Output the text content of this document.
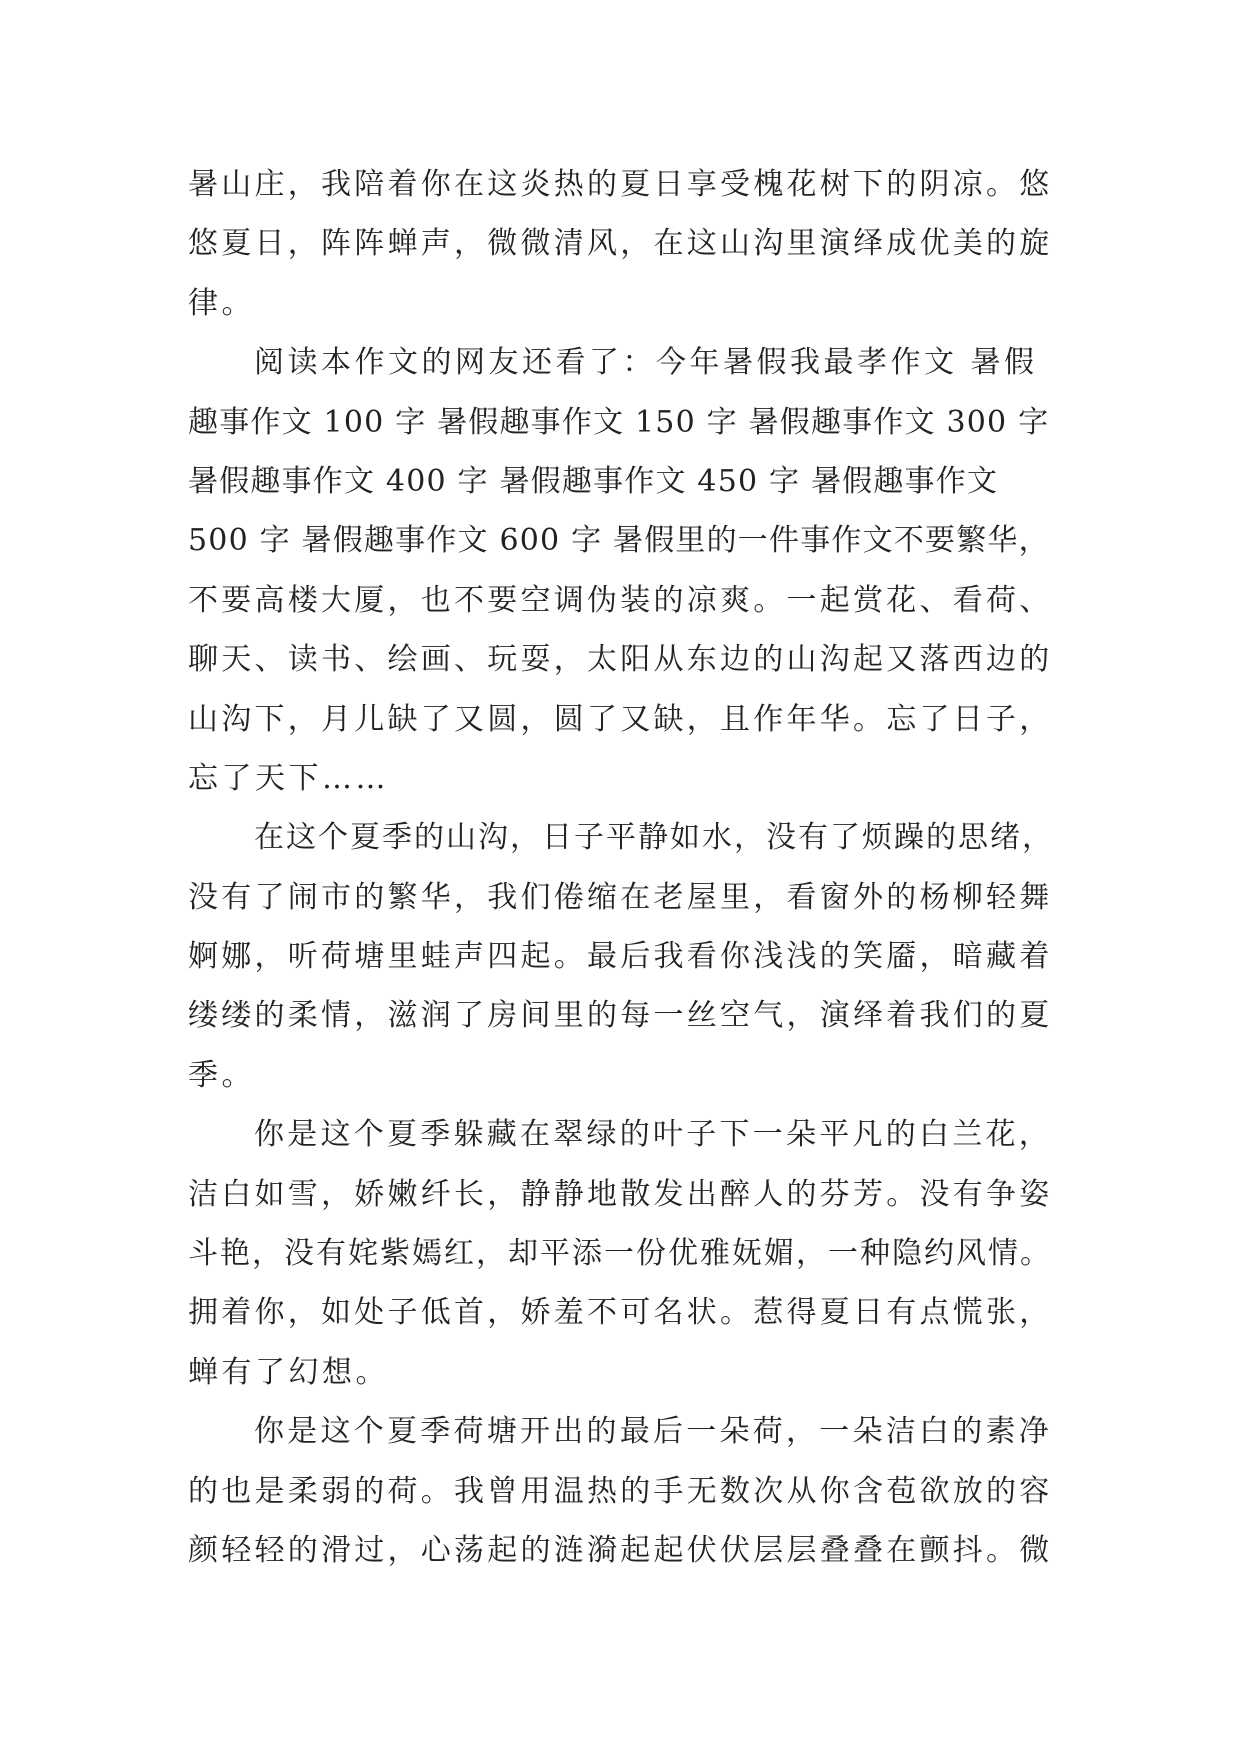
暑山庄，我陪着你在这炎热的夏日享受槐花树下的阴凉。悠
悠夏日，阵阵蝉声，微微清风，在这山沟里演绎成优美的旋
律。
阅读本作文的网友还看了：今年暑假我最孝作文 暑假
趣事作文 100 字 暑假趣事作文 150 字 暑假趣事作文 300 字
暑假趣事作文 400 字 暑假趣事作文 450 字 暑假趣事作文
500 字 暑假趣事作文 600 字 暑假里的一件事作文不要繁华，
不要高楼大厦，也不要空调伪装的凉爽。一起赏花、看荷、
聊天、读书、绘画、玩耍，太阳从东边的山沟起又落西边的
山沟下，月儿缺了又圆，圆了又缺，且作年华。忘了日子，
忘了天下……
在这个夏季的山沟，日子平静如水，没有了烦躁的思绪，
没有了闹市的繁华，我们倦缩在老屋里，看窗外的杨柳轻舞
婀娜，听荷塘里蛙声四起。最后我看你浅浅的笑靥，暗藏着
缕缕的柔情，滋润了房间里的每一丝空气，演绎着我们的夏
季。
你是这个夏季躲藏在翠绿的叶子下一朵平凡的白兰花，
洁白如雪，娇嫩纤长，静静地散发出醉人的芬芳。没有争姿
斗艳，没有姹紫嫣红，却平添一份优雅妩媚，一种隐约风情。
拥着你，如处子低首，娇羞不可名状。惹得夏日有点慌张，
蝉有了幻想。
你是这个夏季荷塘开出的最后一朵荷，一朵洁白的素净
的也是柔弱的荷。我曾用温热的手无数次从你含苞欲放的容
颜轻轻的滑过，心荡起的涟漪起起伏伏层层叠叠在颤抖。微
